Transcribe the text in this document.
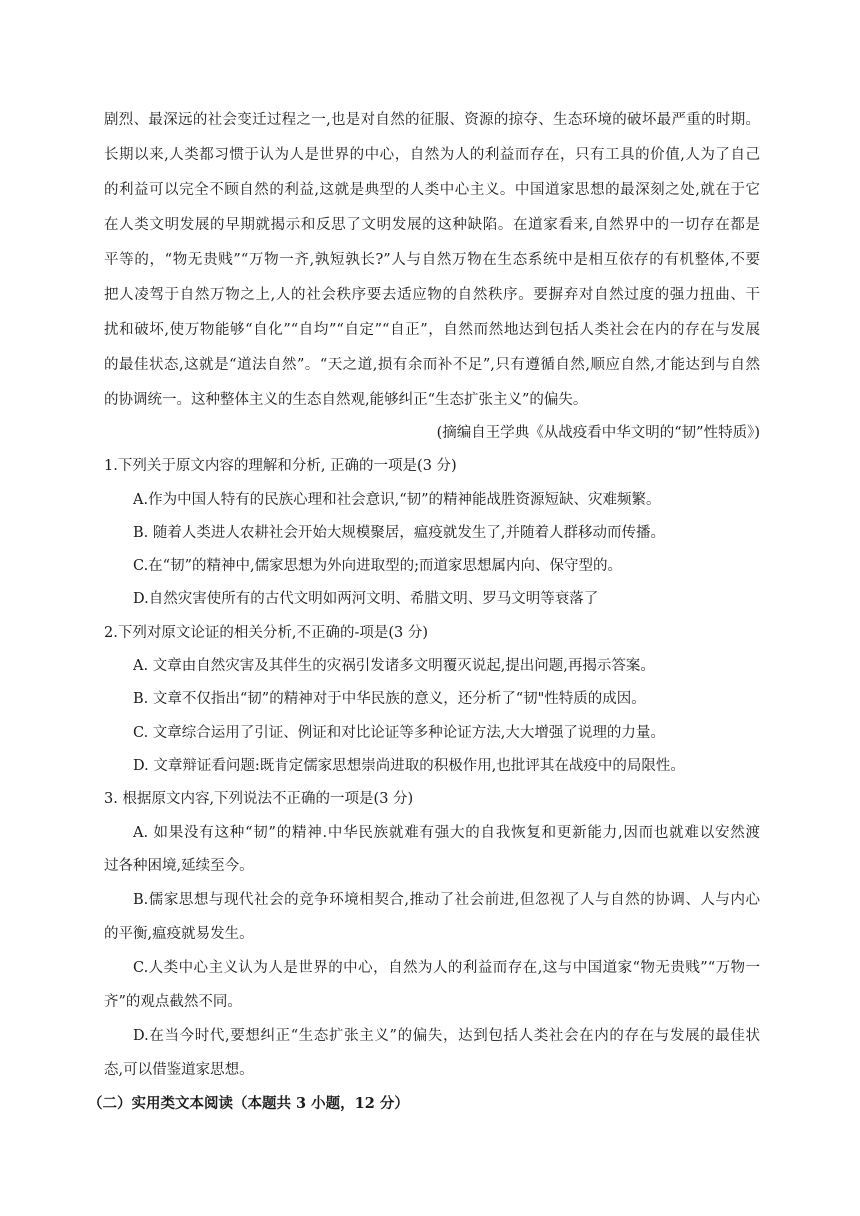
剧烈、最深远的社会变迁过程之一,也是对自然的征服、资源的掠夺、生态环境的破坏最严重的时期。
长期以来,人类都习惯于认为人是世界的中心，自然为人的利益而存在，只有工具的价值,人为了自己
的利益可以完全不顾自然的利益,这就是典型的人类中心主义。中国道家思想的最深刻之处,就在于它
在人类文明发展的早期就揭示和反思了文明发展的这种缺陷。在道家看来,自然界中的一切存在都是
平等的，“物无贵贱”“万物一齐,孰短孰长?”人与自然万物在生态系统中是相互依存的有机整体,不要
把人凌驾于自然万物之上,人的社会秩序要去适应物的自然秩序。要摒弃对自然过度的强力扭曲、干
扰和破坏,使万物能够“自化”“自均”“自定”“自正”，自然而然地达到包括人类社会在内的存在与发展
的最佳状态,这就是“道法自然”。“天之道,损有余而补不足”,只有遵循自然,顺应自然,才能达到与自然
的协调统一。这种整体主义的生态自然观,能够纠正“生态扩张主义”的偏失。
(摘编自王学典《从战疫看中华文明的“韧”性特质》)
1.下列关于原文内容的理解和分析, 正确的一项是(3 分)
A.作为中国人特有的民族心理和社会意识,“韧”的精神能战胜资源短缺、灾难频繁。
B. 随着人类进人农耕社会开始大规模聚居，瘟疫就发生了,并随着人群移动而传播。
C.在“韧”的精神中,儒家思想为外向进取型的;而道家思想属内向、保守型的。
D.自然灾害使所有的古代文明如两河文明、希腊文明、罗马文明等衰落了
2.下列对原文论证的相关分析,不正确的-项是(3 分)
A. 文章由自然灾害及其伴生的灾祸引发诸多文明覆灭说起,提出问题,再揭示答案。
B. 文章不仅指出“韧”的精神对于中华民族的意义，还分析了“韧"性特质的成因。
C. 文章综合运用了引证、例证和对比论证等多种论证方法,大大增强了说理的力量。
D. 文章辩证看问题:既肯定儒家思想崇尚进取的积极作用,也批评其在战疫中的局限性。
3. 根据原文内容,下列说法不正确的一项是(3 分)
A. 如果没有这种“韧”的精神.中华民族就难有强大的自我恢复和更新能力,因而也就难以安然渡
过各种困境,延续至今。
B.儒家思想与现代社会的竞争环境相契合,推动了社会前进,但忽视了人与自然的协调、人与内心
的平衡,瘟疫就易发生。
C.人类中心主义认为人是世界的中心，自然为人的利益而存在,这与中国道家“物无贵贱”“万物一
齐”的观点截然不同。
D.在当今时代,要想纠正“生态扩张主义”的偏失，达到包括人类社会在内的存在与发展的最佳状
态,可以借鉴道家思想。
（二）实用类文本阅读（本题共 3 小题，12 分）
